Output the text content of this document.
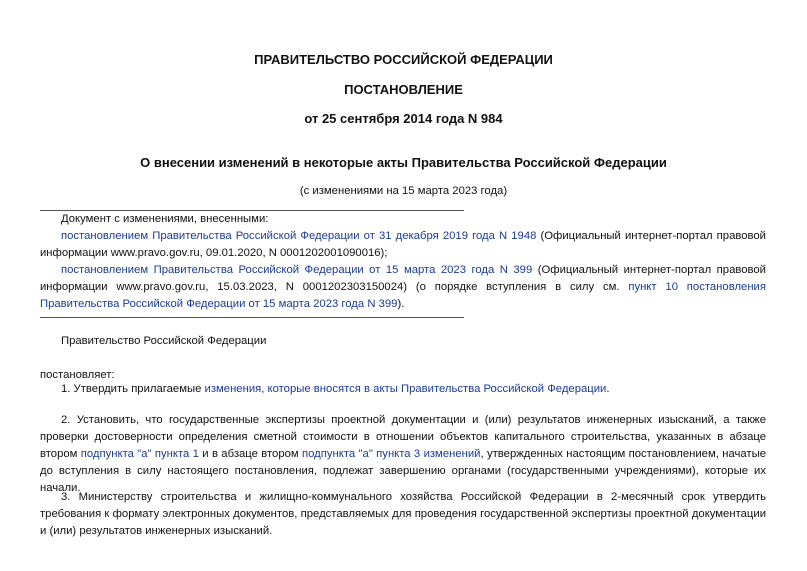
ПРАВИТЕЛЬСТВО РОССИЙСКОЙ ФЕДЕРАЦИИ
ПОСТАНОВЛЕНИЕ
от 25 сентября 2014 года N 984
О внесении изменений в некоторые акты Правительства Российской Федерации
(с изменениями на 15 марта 2023 года)
Документ с изменениями, внесенными:

постановлением Правительства Российской Федерации от 31 декабря 2019 года N 1948 (Официальный интернет-портал правовой информации www.pravo.gov.ru, 09.01.2020, N 0001202001090016);

постановлением Правительства Российской Федерации от 15 марта 2023 года N 399 (Официальный интернет-портал правовой информации www.pravo.gov.ru, 15.03.2023, N 0001202303150024) (о порядке вступления в силу см. пункт 10 постановления Правительства Российской Федерации от 15 марта 2023 года N 399).

Правительство Российской Федерации
постановляет:

1. Утвердить прилагаемые изменения, которые вносятся в акты Правительства Российской Федерации.

2. Установить, что государственные экспертизы проектной документации и (или) результатов инженерных изысканий, а также проверки достоверности определения сметной стоимости в отношении объектов капитального строительства, указанных в абзаце втором подпункта "а" пункта 1 и в абзаце втором подпункта "а" пункта 3 изменений, утвержденных настоящим постановлением, начатые до вступления в силу настоящего постановления, подлежат завершению органами (государственными учреждениями), которые их начали.

3. Министерству строительства и жилищно-коммунального хозяйства Российской Федерации в 2-месячный срок утвердить требования к формату электронных документов, представляемых для проведения государственной экспертизы проектной документации и (или) результатов инженерных изысканий.
